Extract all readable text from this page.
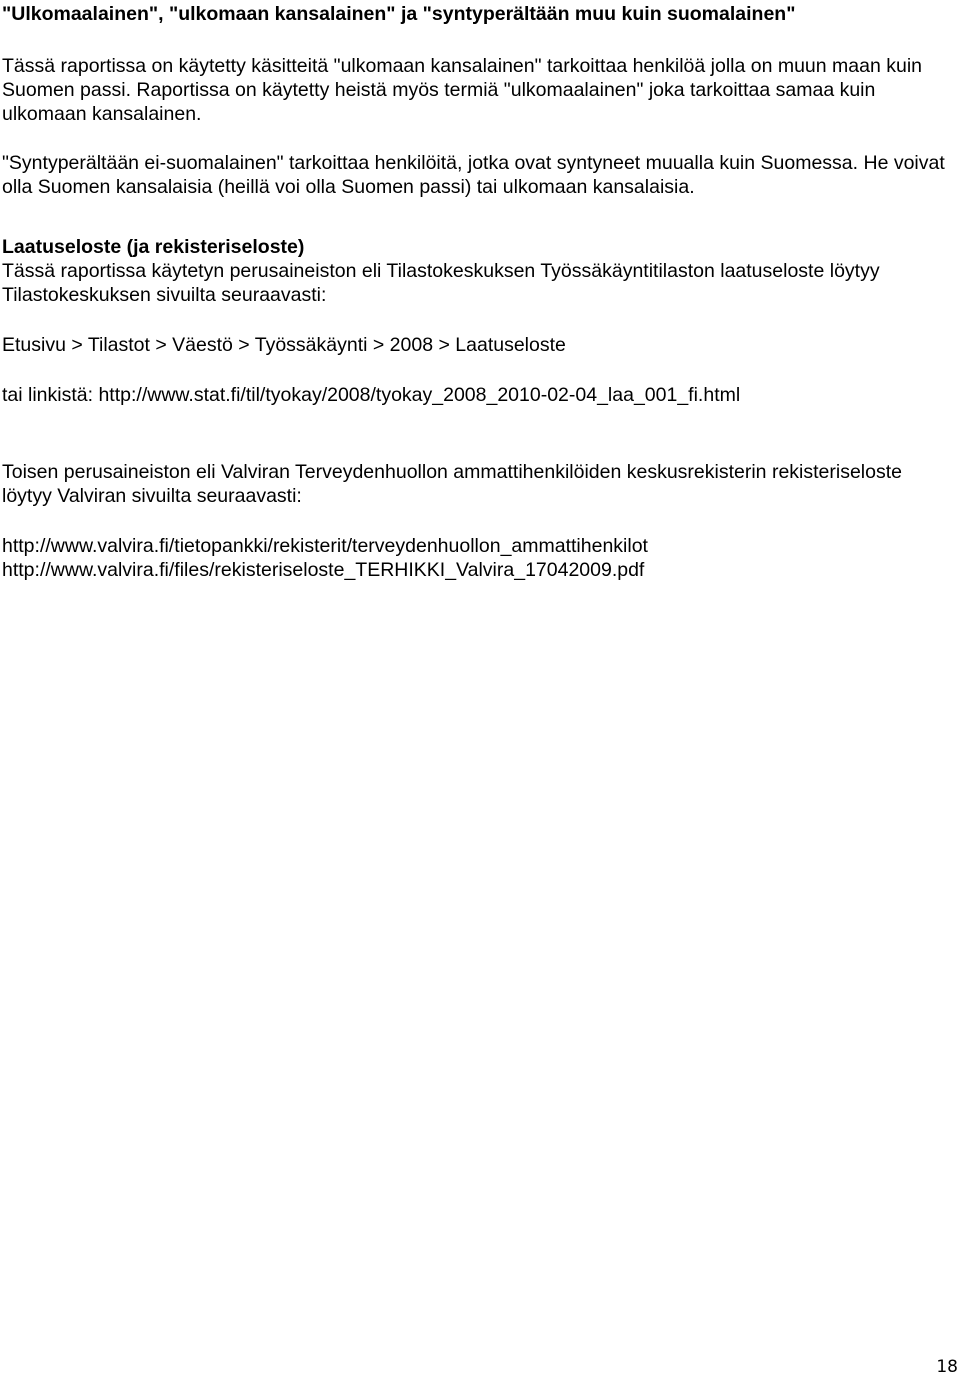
"Ulkomaalainen", "ulkomaan kansalainen" ja "syntyperältään muu kuin suomalainen"

Tässä raportissa on käytetty käsitteitä "ulkomaan kansalainen" tarkoittaa henkilöä jolla on muun maan kuin Suomen passi. Raportissa on käytetty heistä myös termiä "ulkomaalainen" joka tarkoittaa samaa kuin ulkomaan kansalainen.

"Syntyperältään ei-suomalainen" tarkoittaa henkilöitä, jotka ovat syntyneet muualla kuin Suomessa. He voivat olla Suomen kansalaisia (heillä voi olla Suomen passi) tai ulkomaan kansalaisia.

Laatuseloste (ja rekisteriseloste)

Tässä raportissa käytetyn perusaineiston eli Tilastokeskuksen Työssäkäyntitilaston laatuseloste löytyy Tilastokeskuksen sivuilta seuraavasti:

Etusivu > Tilastot > Väestö > Työssäkäynti > 2008 > Laatuseloste

tai linkistä: http://www.stat.fi/til/tyokay/2008/tyokay_2008_2010-02-04_laa_001_fi.html

Toisen perusaineiston eli Valviran Terveydenhuollon ammattihenkilöiden keskusrekisterin rekisteriseloste löytyy Valviran sivuilta seuraavasti:

http://www.valvira.fi/tietopankki/rekisterit/terveydenhuollon_ammattihenkilot
http://www.valvira.fi/files/rekisteriseloste_TERHIKKI_Valvira_17042009.pdf
18
